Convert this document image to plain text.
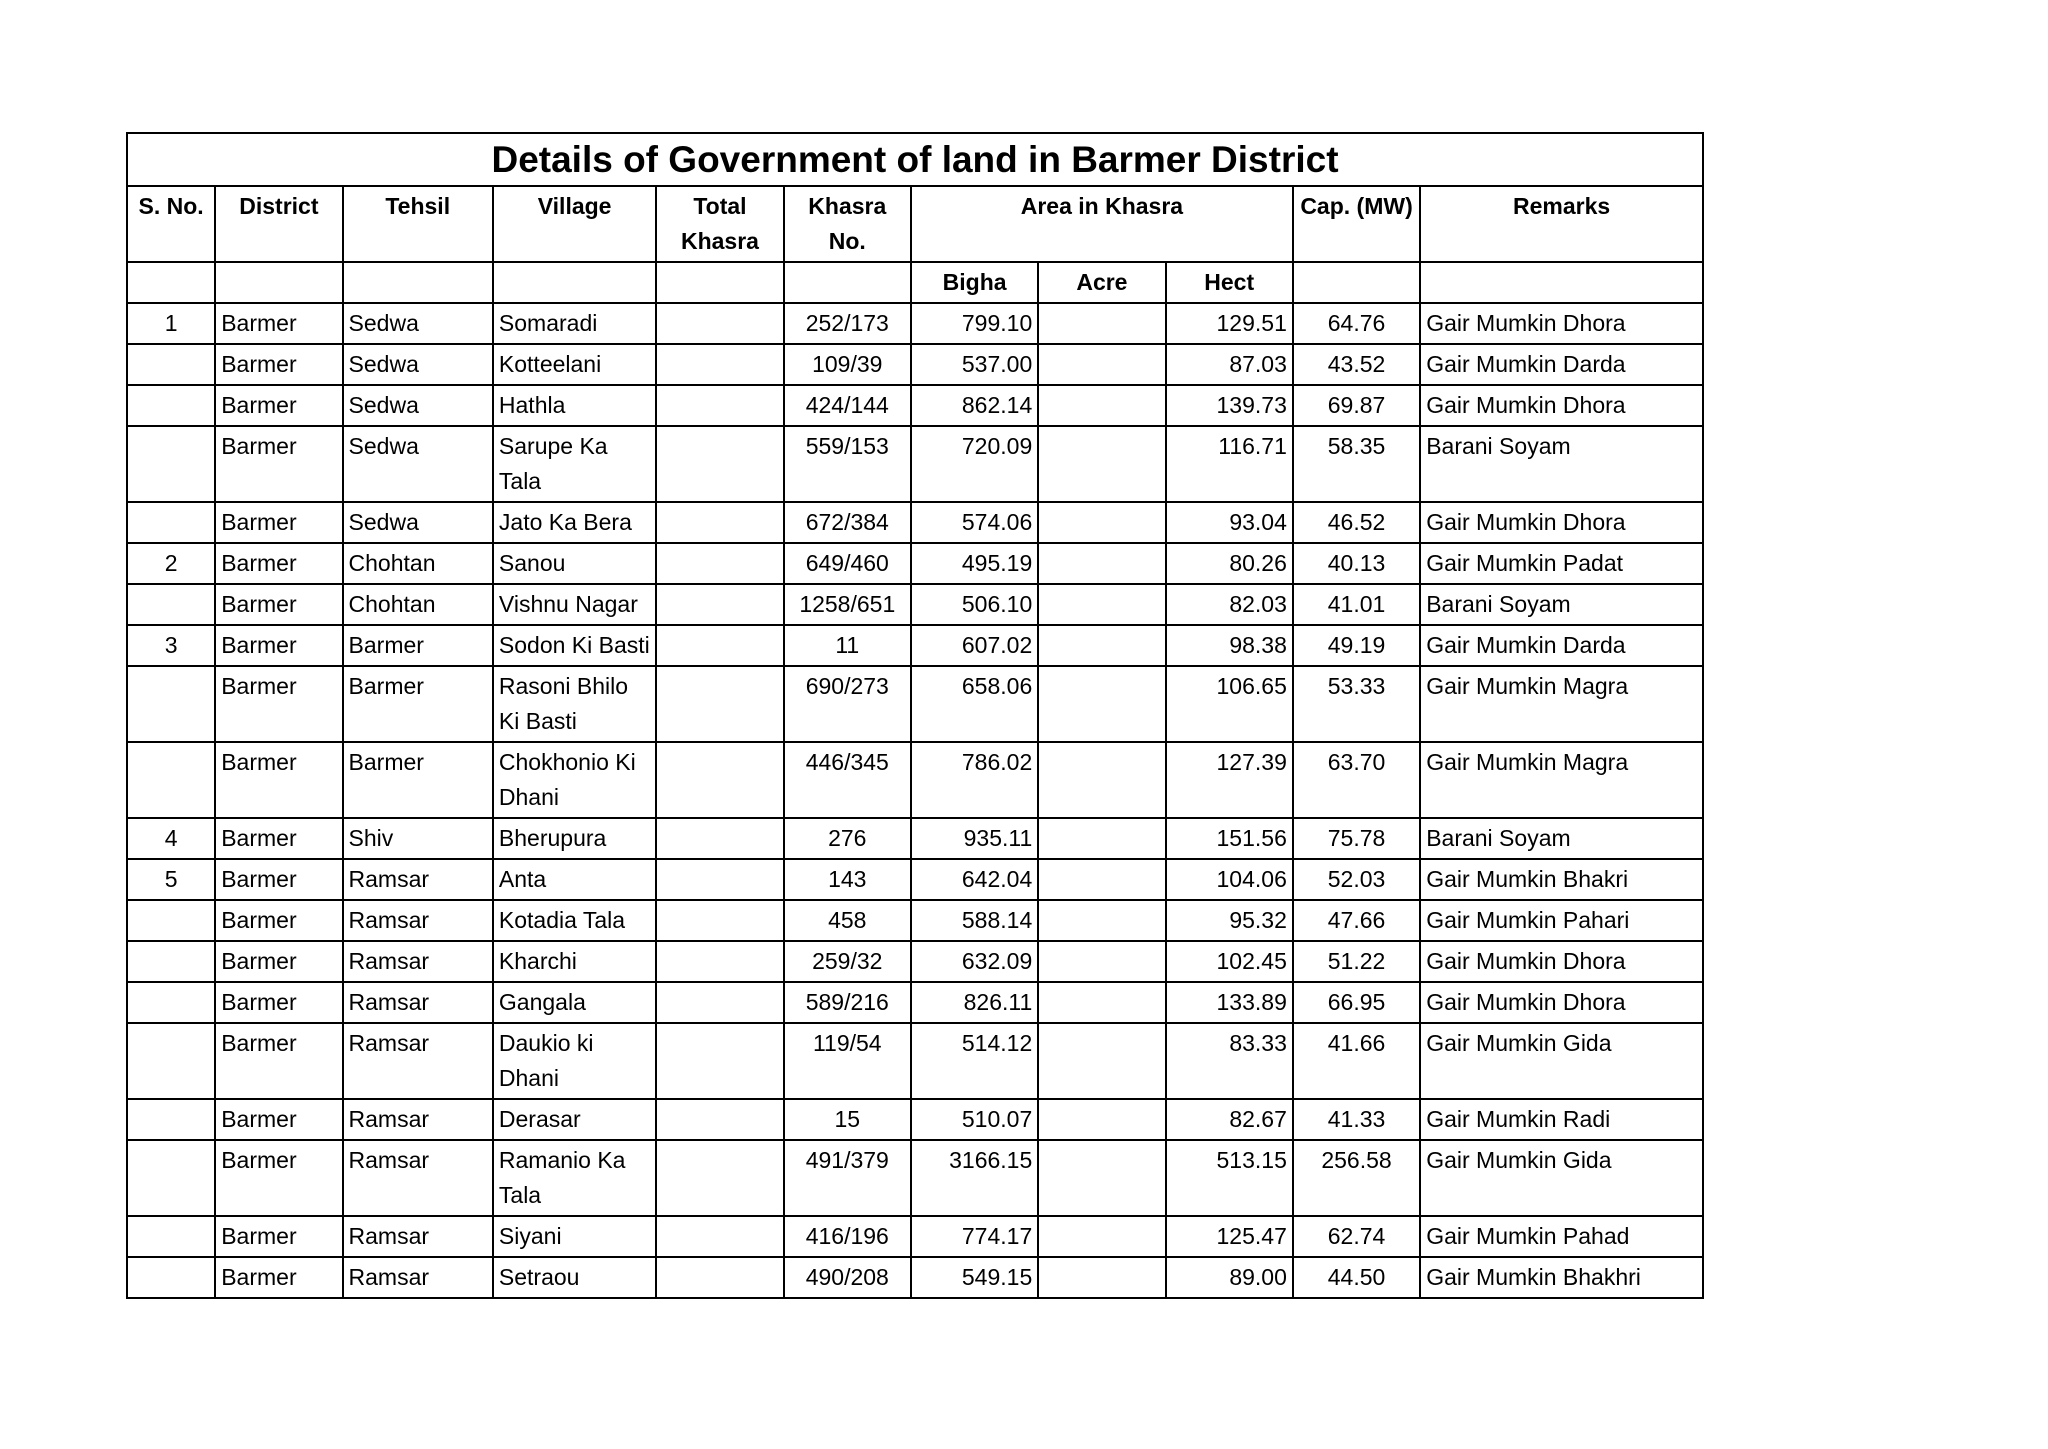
Details of Government of land in Barmer District										
S. No.	District	Tehsil	Village	Total Khasra	Khasra No.	Area in Khasra			Cap. (MW)	Remarks
						Bigha	Acre	Hect		
1	Barmer	Sedwa	Somaradi		252/173	799.10		129.51	64.76	Gair Mumkin Dhora
	Barmer	Sedwa	Kotteelani		109/39	537.00		87.03	43.52	Gair Mumkin Darda
	Barmer	Sedwa	Hathla		424/144	862.14		139.73	69.87	Gair Mumkin Dhora
	Barmer	Sedwa	Sarupe Ka Tala		559/153	720.09		116.71	58.35	Barani Soyam
	Barmer	Sedwa	Jato Ka Bera		672/384	574.06		93.04	46.52	Gair Mumkin Dhora
2	Barmer	Chohtan	Sanou		649/460	495.19		80.26	40.13	Gair Mumkin Padat
	Barmer	Chohtan	Vishnu Nagar		1258/651	506.10		82.03	41.01	Barani Soyam
3	Barmer	Barmer	Sodon Ki Basti		11	607.02		98.38	49.19	Gair Mumkin Darda
	Barmer	Barmer	Rasoni Bhilo Ki Basti		690/273	658.06		106.65	53.33	Gair Mumkin Magra
	Barmer	Barmer	Chokhonio Ki Dhani		446/345	786.02		127.39	63.70	Gair Mumkin Magra
4	Barmer	Shiv	Bherupura		276	935.11		151.56	75.78	Barani Soyam
5	Barmer	Ramsar	Anta		143	642.04		104.06	52.03	Gair Mumkin Bhakri
	Barmer	Ramsar	Kotadia Tala		458	588.14		95.32	47.66	Gair Mumkin Pahari
	Barmer	Ramsar	Kharchi		259/32	632.09		102.45	51.22	Gair Mumkin Dhora
	Barmer	Ramsar	Gangala		589/216	826.11		133.89	66.95	Gair Mumkin Dhora
	Barmer	Ramsar	Daukio ki Dhani		119/54	514.12		83.33	41.66	Gair Mumkin Gida
	Barmer	Ramsar	Derasar		15	510.07		82.67	41.33	Gair Mumkin Radi
	Barmer	Ramsar	Ramanio Ka Tala		491/379	3166.15		513.15	256.58	Gair Mumkin Gida
	Barmer	Ramsar	Siyani		416/196	774.17		125.47	62.74	Gair Mumkin Pahad
	Barmer	Ramsar	Setraou		490/208	549.15		89.00	44.50	Gair Mumkin Bhakhri
